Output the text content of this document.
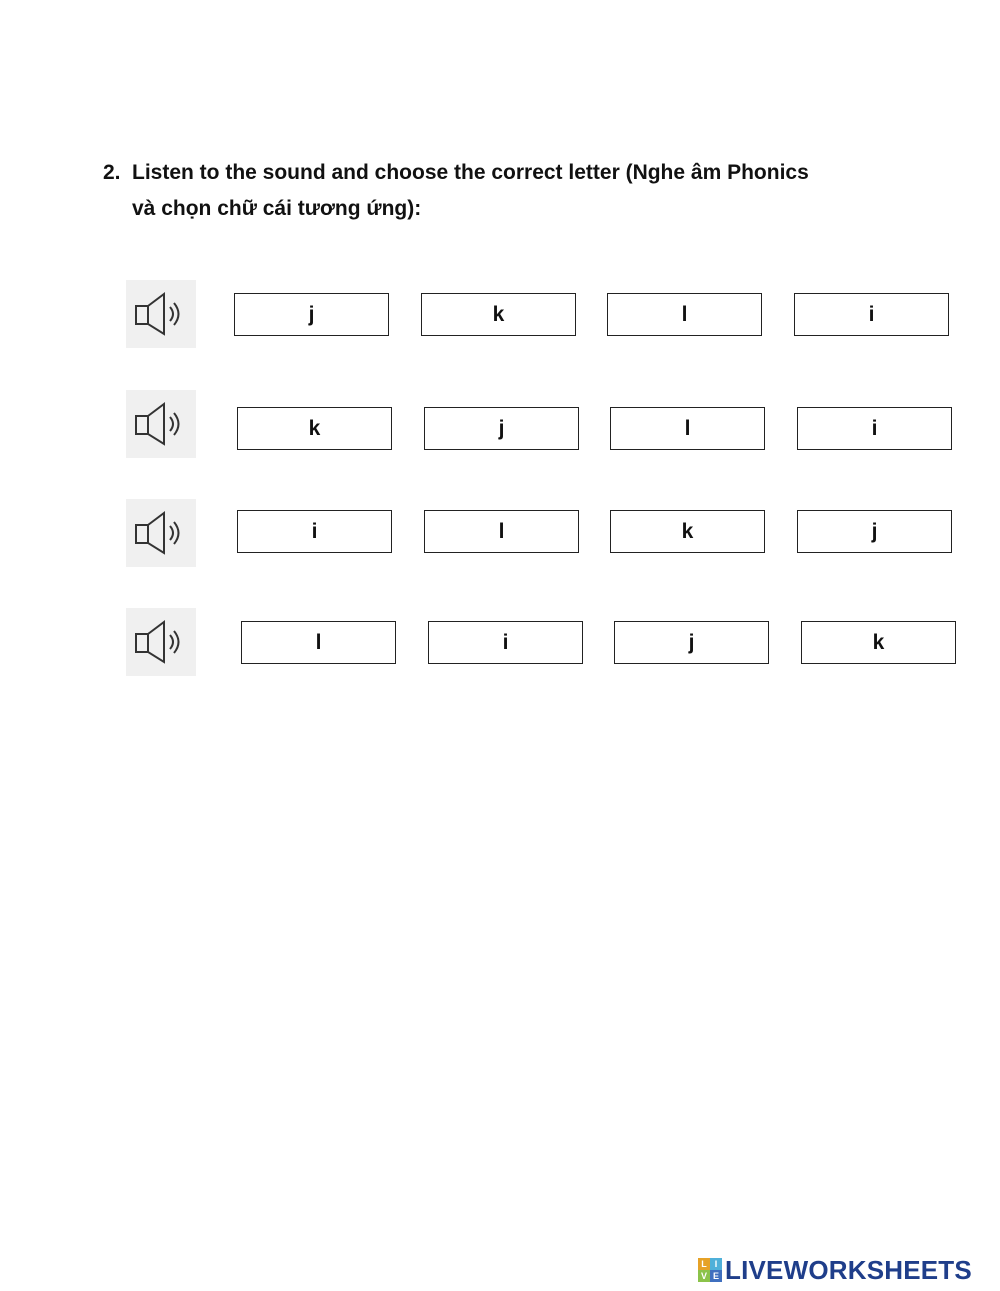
2. Listen to the sound and choose the correct letter (Nghe âm Phonics
và chọn chữ cái tương ứng):
j	k	l	i
k	j	l	i
i	l	k	j
l	i	j	k
L I
V E LIVEWORKSHEETS
